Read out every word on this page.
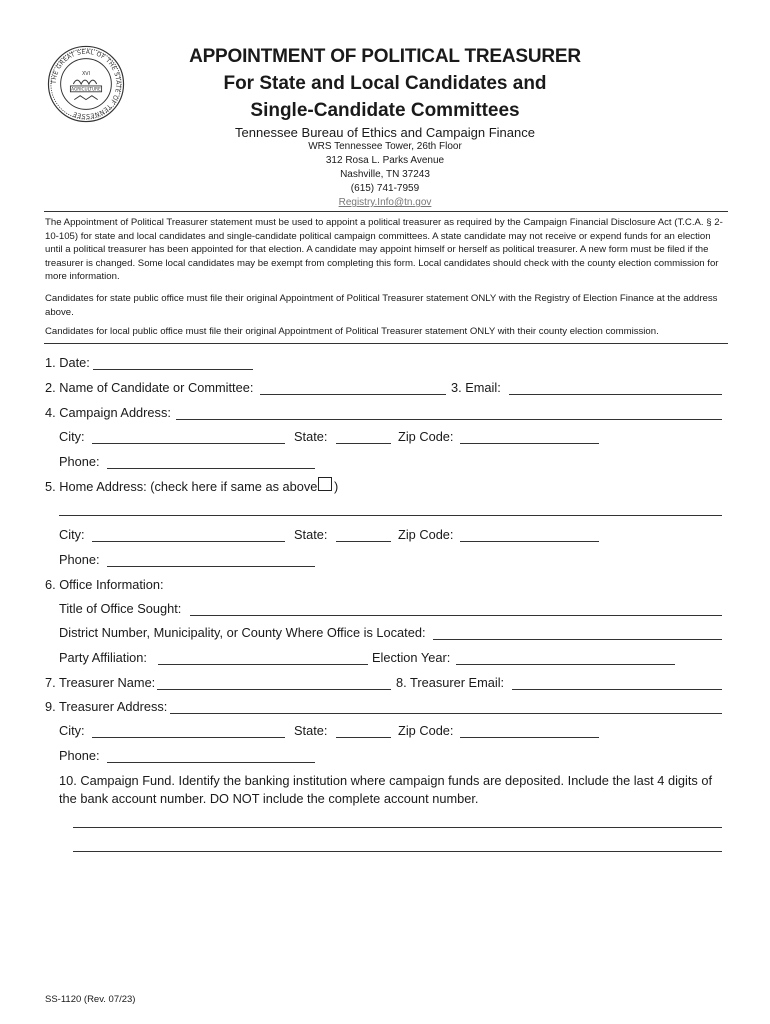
THE GREAT SEAL OF THE STATE OF TENNESSEE
XVI
AGRICULTURE
APPOINTMENT OF POLITICAL TREASURER
For State and Local Candidates and
Single-Candidate Committees
Tennessee Bureau of Ethics and Campaign Finance
WRS Tennessee Tower, 26th Floor
312 Rosa L. Parks Avenue
Nashville, TN 37243
(615) 741-7959
Registry.Info@tn.gov
The Appointment of Political Treasurer statement must be used to appoint a political treasurer as required by the Campaign Financial Disclosure Act (T.C.A. § 2-10-105) for state and local candidates and single-candidate political campaign committees. A state candidate may not receive or expend funds for an election until a political treasurer has been appointed for that election. A candidate may appoint himself or herself as political treasurer. A new form must be filed if the treasurer is changed. Some local candidates may be exempt from completing this form. Local candidates should check with the county election commission for more information.
Candidates for state public office must file their original Appointment of Political Treasurer statement ONLY with the Registry of Election Finance at the address above.
Candidates for local public office must file their original Appointment of Political Treasurer statement ONLY with their county election commission.
1. Date:
2. Name of Candidate or Committee:	3. Email:
4. Campaign Address:
City:	State:	Zip Code:
Phone:
5. Home Address: (check here if same as above )
City:	State:	Zip Code:
Phone:
6. Office Information:
Title of Office Sought:
District Number, Municipality, or County Where Office is Located:
Party Affiliation:	Election Year:
7. Treasurer Name:	8. Treasurer Email:
9. Treasurer Address:
City:	State:	Zip Code:
Phone:
10. Campaign Fund. Identify the banking institution where campaign funds are deposited. Include the last 4 digits of the bank account number. DO NOT include the complete account number.
SS-1120 (Rev. 07/23)
